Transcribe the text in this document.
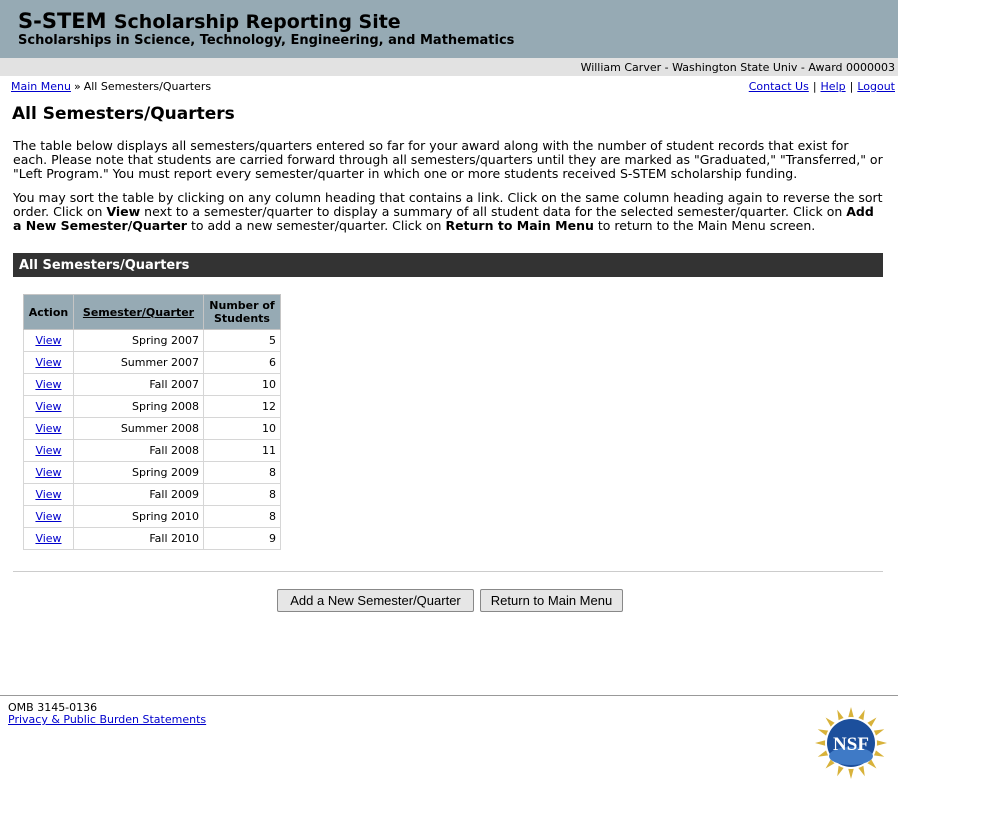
S-STEM Scholarship Reporting Site
Scholarships in Science, Technology, Engineering, and Mathematics
William Carver - Washington State Univ - Award 0000003
Main Menu » All Semesters/Quarters	Contact Us | Help | Logout
All Semesters/Quarters

The table below displays all semesters/quarters entered so far for your award along with the number of student records that exist for each. Please note that students are carried forward through all semesters/quarters until they are marked as "Graduated," "Transferred," or "Left Program." You must report every semester/quarter in which one or more students received S-STEM scholarship funding.

You may sort the table by clicking on any column heading that contains a link. Click on the same column heading again to reverse the sort order. Click on View next to a semester/quarter to display a summary of all student data for the selected semester/quarter. Click on Add a New Semester/Quarter to add a new semester/quarter. Click on Return to Main Menu to return to the Main Menu screen.

All Semesters/Quarters
Action	Semester/Quarter	Number of
Students
View	Spring 2007	5
View	Summer 2007	6
View	Fall 2007	10
View	Spring 2008	12
View	Summer 2008	10
View	Fall 2008	11
View	Spring 2009	8
View	Fall 2009	8
View	Spring 2010	8
View	Fall 2010	9
Add a New Semester/Quarter	Return to Main Menu
OMB 3145-0136
Privacy & Public Burden Statements
NSF
